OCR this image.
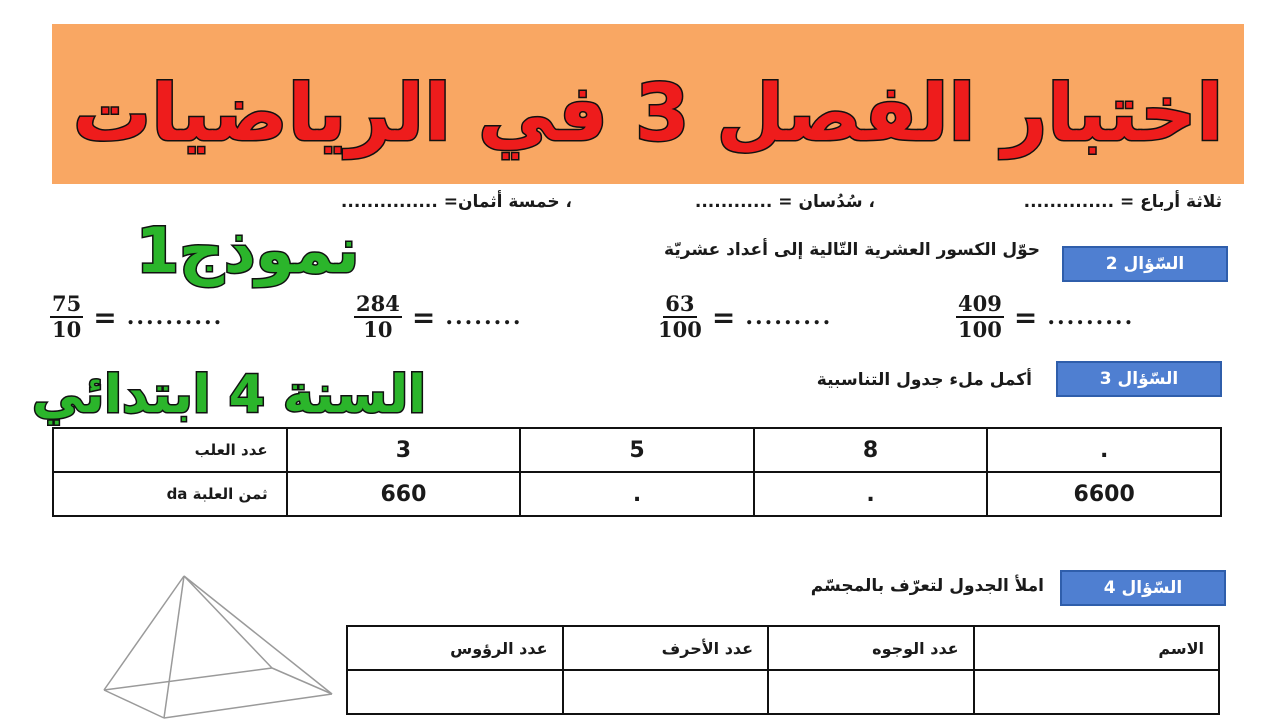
اختبار الفصل 3 في الرياضيات
ثلاثة أرباع = ..............
، سُدُسان = ............
، خمسة أثمان= ...............
نموذج1	السّؤال 2
حوّل الكسور العشرية التّالية إلى أعداد عشريّة
$\frac{409}{100}$ = .........
$\frac{63}{100}$ = .........
$\frac{284}{10}$ = ........
$\frac{75}{10}$ = ..........
السنة 4 ابتدائي	السّؤال 3
أكمل ملء جدول التناسبية
عدد العلب	3	5	8	.
ثمن العلبة da	660	.	.	6600
السّؤال 4
املأ الجدول لتعرّف بالمجسّم
عدد الرؤوس	عدد الأحرف	عدد الوجوه	الاسم
